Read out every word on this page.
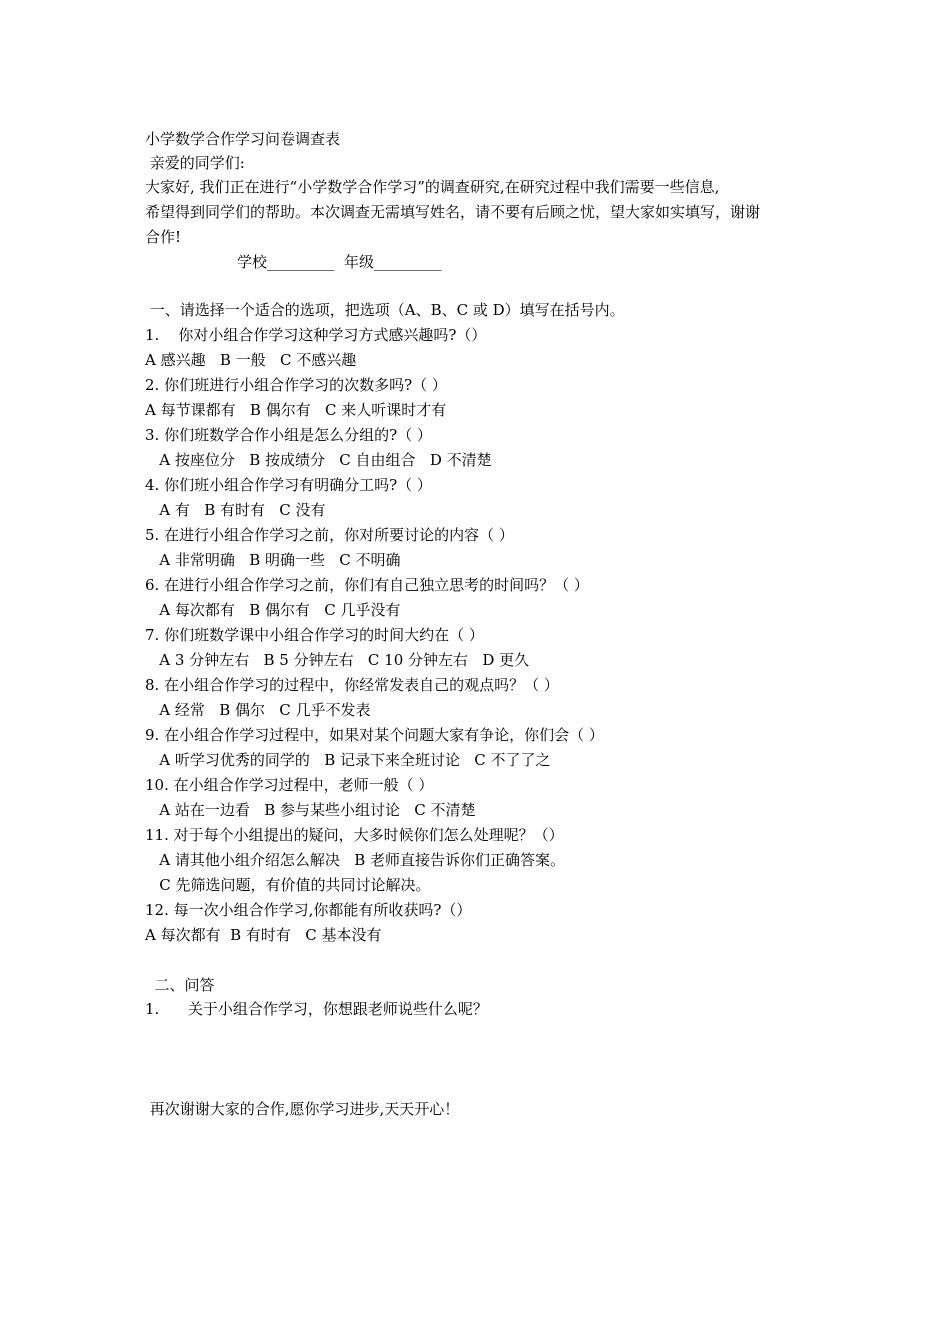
小学数学合作学习问卷调查表
亲爱的同学们:
大家好, 我们正在进行“小学数学合作学习”的调查研究,在研究过程中我们需要一些信息,
希望得到同学们的帮助。本次调查无需填写姓名，请不要有后顾之忧，望大家如实填写，谢谢
合作!
学校_________  年级_________
一、请选择一个适合的选项，把选项（A、B、C 或 D）填写在括号内。
1.    你对小组合作学习这种学习方式感兴趣吗?（）
A 感兴趣   B 一般   C 不感兴趣
2. 你们班进行小组合作学习的次数多吗?（ ）
A 每节课都有   B 偶尔有   C 来人听课时才有
3. 你们班数学合作小组是怎么分组的?（ ）
A 按座位分   B 按成绩分   C 自由组合   D 不清楚
4. 你们班小组合作学习有明确分工吗?（ ）
A 有   B 有时有   C 没有
5. 在进行小组合作学习之前，你对所要讨论的内容（ ）
A 非常明确   B 明确一些   C 不明确
6. 在进行小组合作学习之前，你们有自己独立思考的时间吗？（ ）
A 每次都有   B 偶尔有   C 几乎没有
7. 你们班数学课中小组合作学习的时间大约在（ ）
A 3 分钟左右   B 5 分钟左右   C 10 分钟左右   D 更久
8. 在小组合作学习的过程中，你经常发表自己的观点吗？（ ）
A 经常   B 偶尔   C 几乎不发表
9. 在小组合作学习过程中，如果对某个问题大家有争论，你们会（ ）
A 听学习优秀的同学的   B 记录下来全班讨论   C 不了了之
10. 在小组合作学习过程中，老师一般（ ）
A 站在一边看   B 参与某些小组讨论   C 不清楚
11. 对于每个小组提出的疑问，大多时候你们怎么处理呢？（）
A 请其他小组介绍怎么解决   B 老师直接告诉你们正确答案。
C 先筛选问题，有价值的共同讨论解决。
12. 每一次小组合作学习,你都能有所收获吗?（）
A 每次都有  B 有时有   C 基本没有
二、问答
1.      关于小组合作学习，你想跟老师说些什么呢？
再次谢谢大家的合作,愿你学习进步,天天开心！
